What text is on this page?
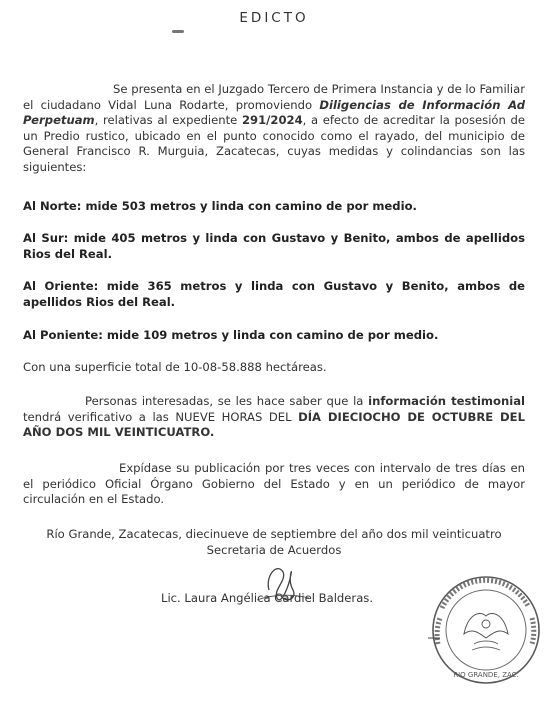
EDICTO
Se presenta en el Juzgado Tercero de Primera Instancia y de lo Familiar el ciudadano Vidal Luna Rodarte, promoviendo Diligencias de Información Ad Perpetuam, relativas al expediente 291/2024, a efecto de acreditar la posesión de un Predio rustico, ubicado en el punto conocido como el rayado, del municipio de General Francisco R. Murguia, Zacatecas, cuyas medidas y colindancias son las siguientes:
Al Norte: mide 503 metros y linda con camino de por medio.
Al Sur: mide 405 metros y linda con Gustavo y Benito, ambos de apellidos Rios del Real.
Al Oriente: mide 365 metros y linda con Gustavo y Benito, ambos de apellidos Rios del Real.
Al Poniente: mide 109 metros y linda con camino de por medio.
Con una superficie total de 10-08-58.888 hectáreas.
Personas interesadas, se les hace saber que la información testimonial tendrá verificativo a las NUEVE HORAS DEL DÍA DIECIOCHO DE OCTUBRE DEL AÑO DOS MIL VEINTICUATRO.
Expídase su publicación por tres veces con intervalo de tres días en el periódico Oficial Órgano Gobierno del Estado y en un periódico de mayor circulación en el Estado.
Río Grande, Zacatecas, diecinueve de septiembre del año dos mil veinticuatro
Secretaria de Acuerdos
Lic. Laura Angélica Cardiel Balderas.
RIO GRANDE, ZAC.
